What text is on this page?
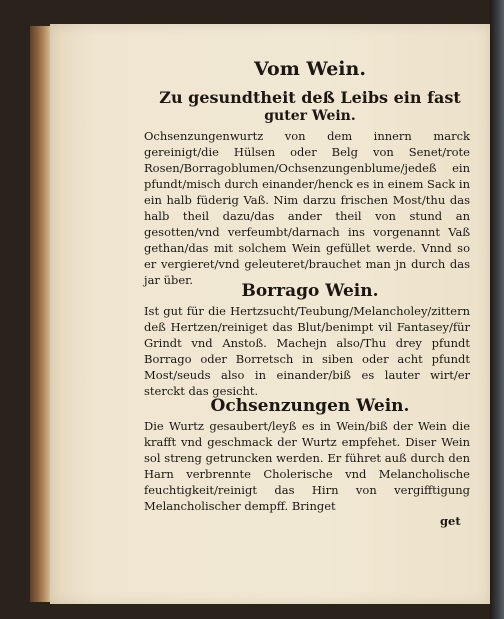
Vom Wein.
Zu gesundtheit deß Leibs ein fast
guter Wein.
Ochsenzungenwurtz von dem innern marck gereinigt/die Hülsen oder Belg von Senet/rote Rosen/Borragoblumen/Ochsenzungenblume/jedeß ein pfundt/misch durch einander/henck es in einem Sack in ein halb füderig Vaß. Nim darzu frischen Most/thu das halb theil dazu/das ander theil von stund an gesotten/vnd verfeumbt/darnach ins vorgenannt Vaß gethan/das mit solchem Wein gefüllet werde. Vnnd so er vergieret/vnd geleuteret/brauchet man jn durch das jar über.
Borrago Wein.
Ist gut für die Hertzsucht/Teubung/Melancholey/zittern deß Hertzen/reiniget das Blut/benimpt vil Fantasey/für Grindt vnd Anstoß. Machejn also/Thu drey pfundt Borrago oder Borretsch in siben oder acht pfundt Most/seuds also in einander/biß es lauter wirt/er sterckt das gesicht.
Ochsenzungen Wein.
Die Wurtz gesaubert/leyß es in Wein/biß der Wein die krafft vnd geschmack der Wurtz empfehet. Diser Wein sol streng getruncken werden. Er führet auß durch den Harn verbrennte Cholerische vnd Melancholische feuchtigkeit/reinigt das Hirn von vergifftigung Melancholischer dempff. Bringet
get
